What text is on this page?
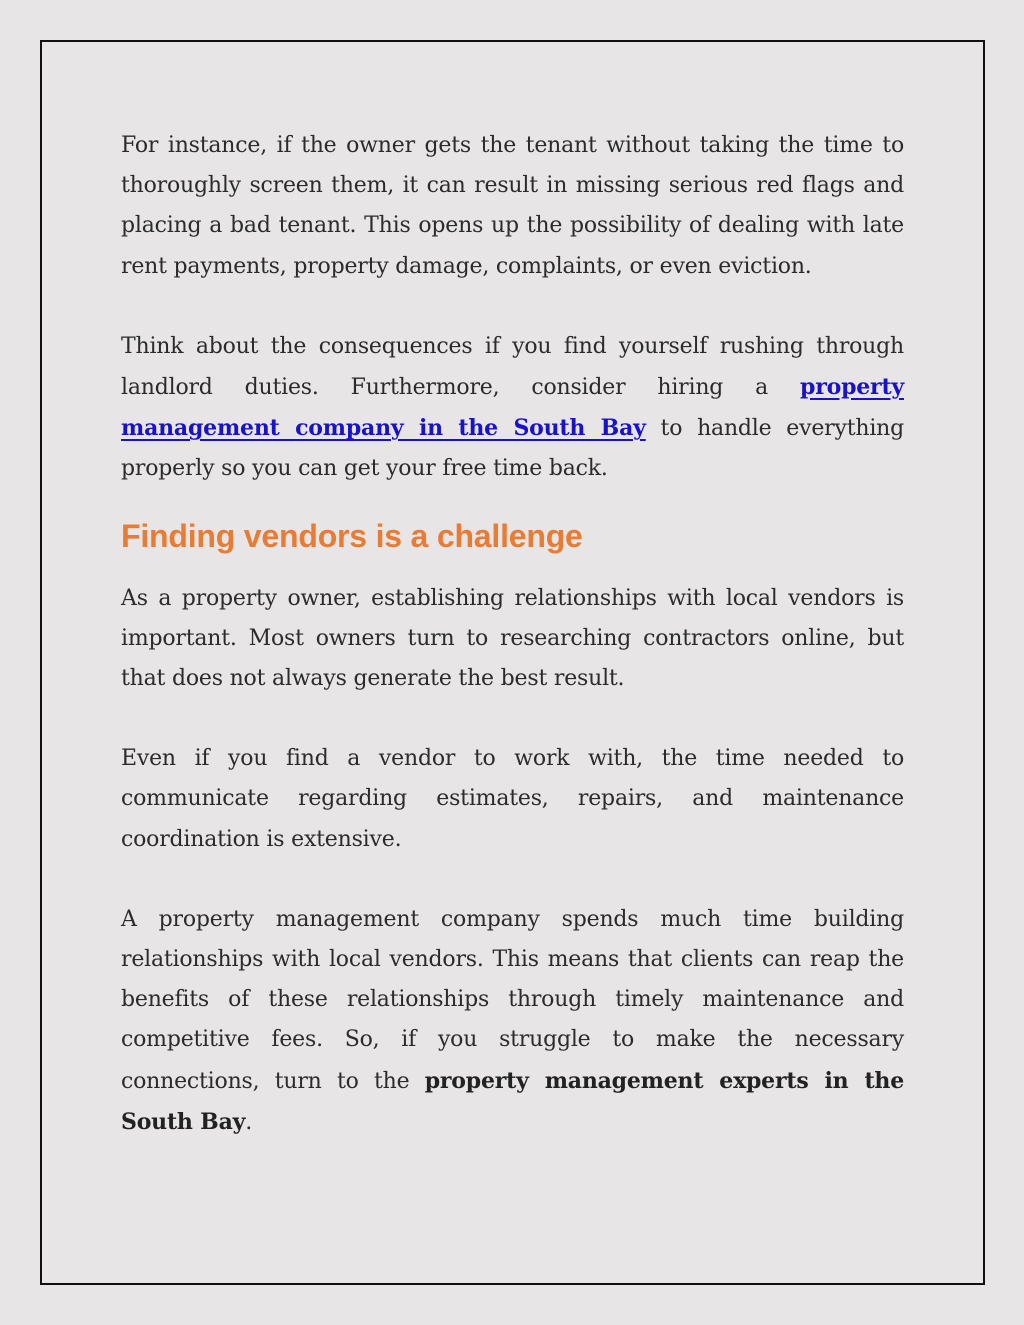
For instance, if the owner gets the tenant without taking the time to thoroughly screen them, it can result in missing serious red flags and placing a bad tenant. This opens up the possibility of dealing with late rent payments, property damage, complaints, or even eviction.

Think about the consequences if you find yourself rushing through landlord duties. Furthermore, consider hiring a property management company in the South Bay to handle everything properly so you can get your free time back.

Finding vendors is a challenge

As a property owner, establishing relationships with local vendors is important. Most owners turn to researching contractors online, but that does not always generate the best result.

Even if you find a vendor to work with, the time needed to communicate regarding estimates, repairs, and maintenance coordination is extensive.

A property management company spends much time building relationships with local vendors. This means that clients can reap the benefits of these relationships through timely maintenance and competitive fees. So, if you struggle to make the necessary connections, turn to the property management experts in the South Bay.
